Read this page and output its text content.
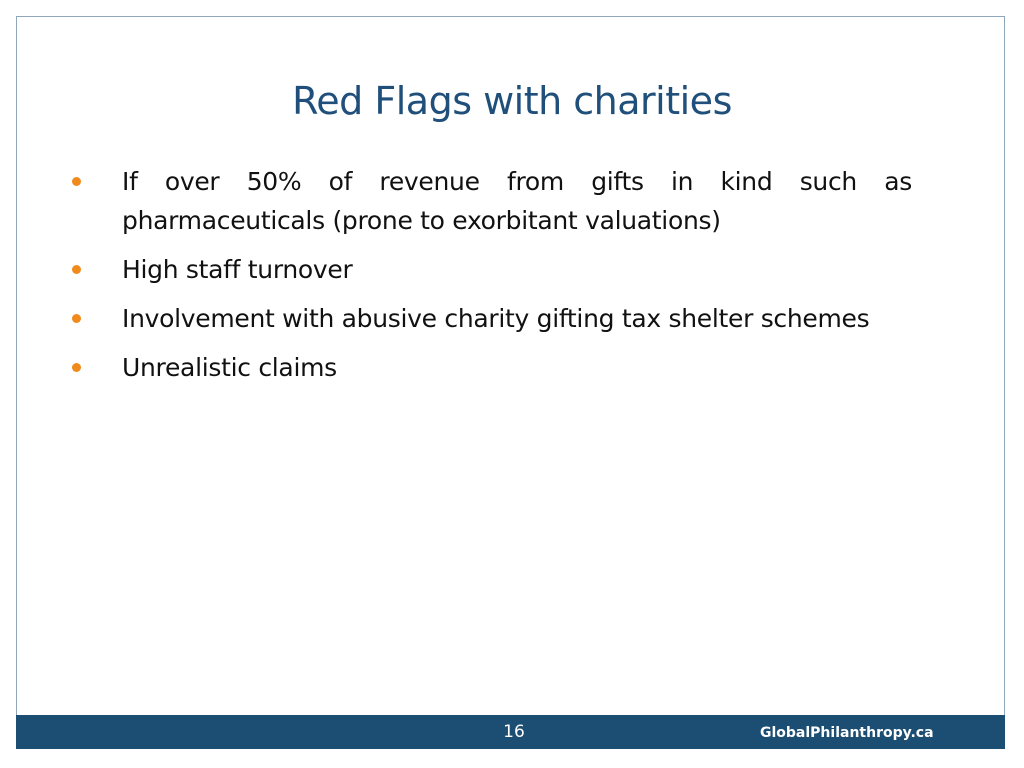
Red Flags with charities
If over 50% of revenue from gifts in kind such as pharmaceuticals (prone to exorbitant valuations)
High staff turnover
Involvement with abusive charity gifting tax shelter schemes
Unrealistic claims
16	GlobalPhilanthropy.ca
